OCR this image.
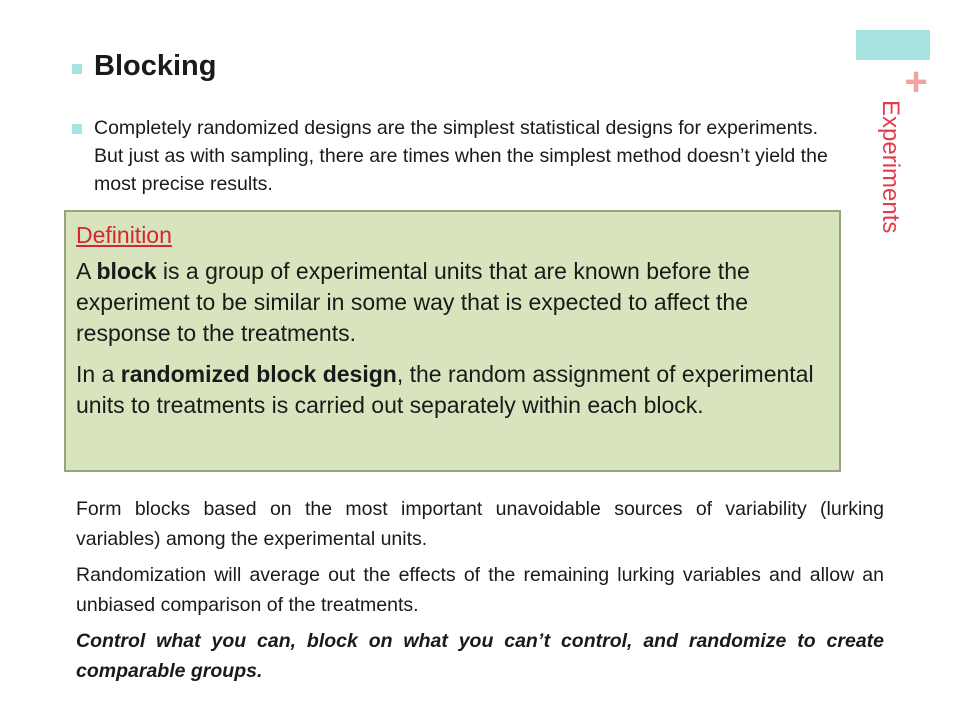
+
Experiments
Blocking

Completely randomized designs are the simplest statistical designs for experiments. But just as with sampling, there are times when the simplest method doesn’t yield the most precise results.

Definition

A block is a group of experimental units that are known before the experiment to be similar in some way that is expected to affect the response to the treatments.

In a randomized block design, the random assignment of experimental units to treatments is carried out separately within each block.

Form blocks based on the most important unavoidable sources of variability (lurking variables) among the experimental units.

Randomization will average out the effects of the remaining lurking variables and allow an unbiased comparison of the treatments.

Control what you can, block on what you can’t control, and randomize to create comparable groups.
